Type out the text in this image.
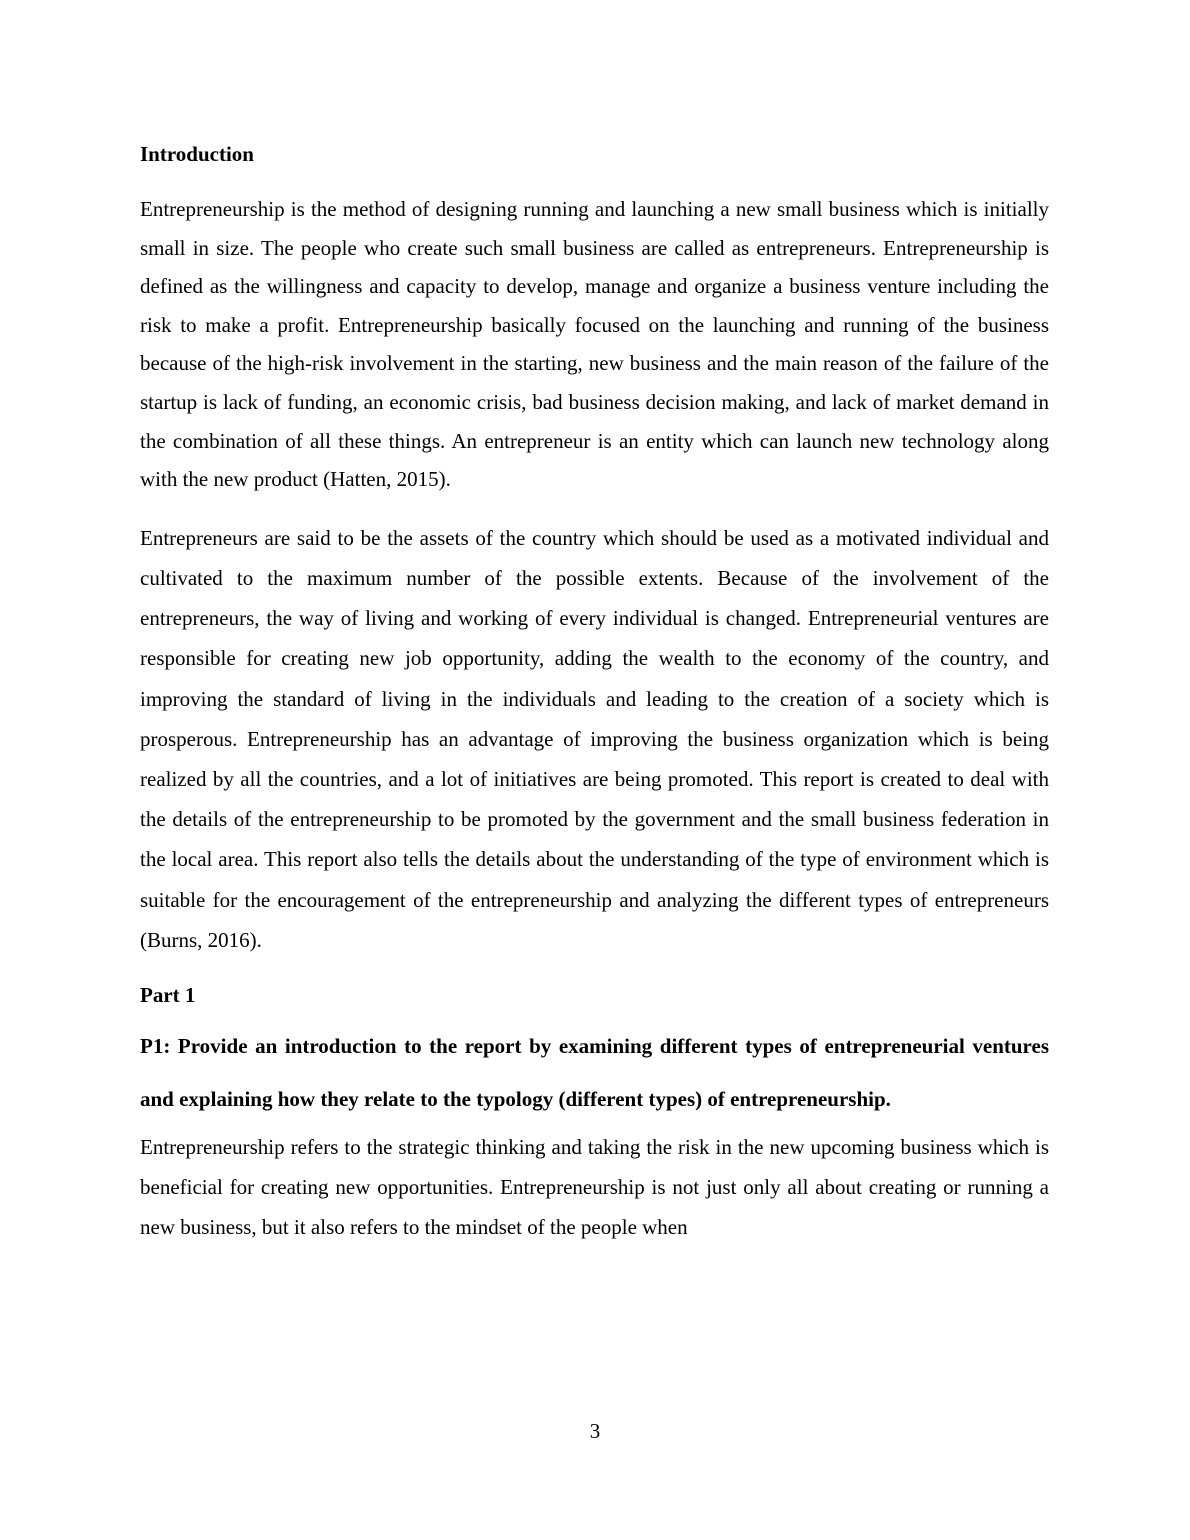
Introduction

Entrepreneurship is the method of designing running and launching a new small business which is initially small in size. The people who create such small business are called as entrepreneurs. Entrepreneurship is defined as the willingness and capacity to develop, manage and organize a business venture including the risk to make a profit. Entrepreneurship basically focused on the launching and running of the business because of the high-risk involvement in the starting, new business and the main reason of the failure of the startup is lack of funding, an economic crisis, bad business decision making, and lack of market demand in the combination of all these things. An entrepreneur is an entity which can launch new technology along with the new product (Hatten, 2015).

Entrepreneurs are said to be the assets of the country which should be used as a motivated individual and cultivated to the maximum number of the possible extents. Because of the involvement of the entrepreneurs, the way of living and working of every individual is changed. Entrepreneurial ventures are responsible for creating new job opportunity, adding the wealth to the economy of the country, and improving the standard of living in the individuals and leading to the creation of a society which is prosperous. Entrepreneurship has an advantage of improving the business organization which is being realized by all the countries, and a lot of initiatives are being promoted. This report is created to deal with the details of the entrepreneurship to be promoted by the government and the small business federation in the local area. This report also tells the details about the understanding of the type of environment which is suitable for the encouragement of the entrepreneurship and analyzing the different types of entrepreneurs (Burns, 2016).

Part 1

P1: Provide an introduction to the report by examining different types of entrepreneurial ventures and explaining how they relate to the typology (different types) of entrepreneurship.

Entrepreneurship refers to the strategic thinking and taking the risk in the new upcoming business which is beneficial for creating new opportunities. Entrepreneurship is not just only all about creating or running a new business, but it also refers to the mindset of the people when

3
